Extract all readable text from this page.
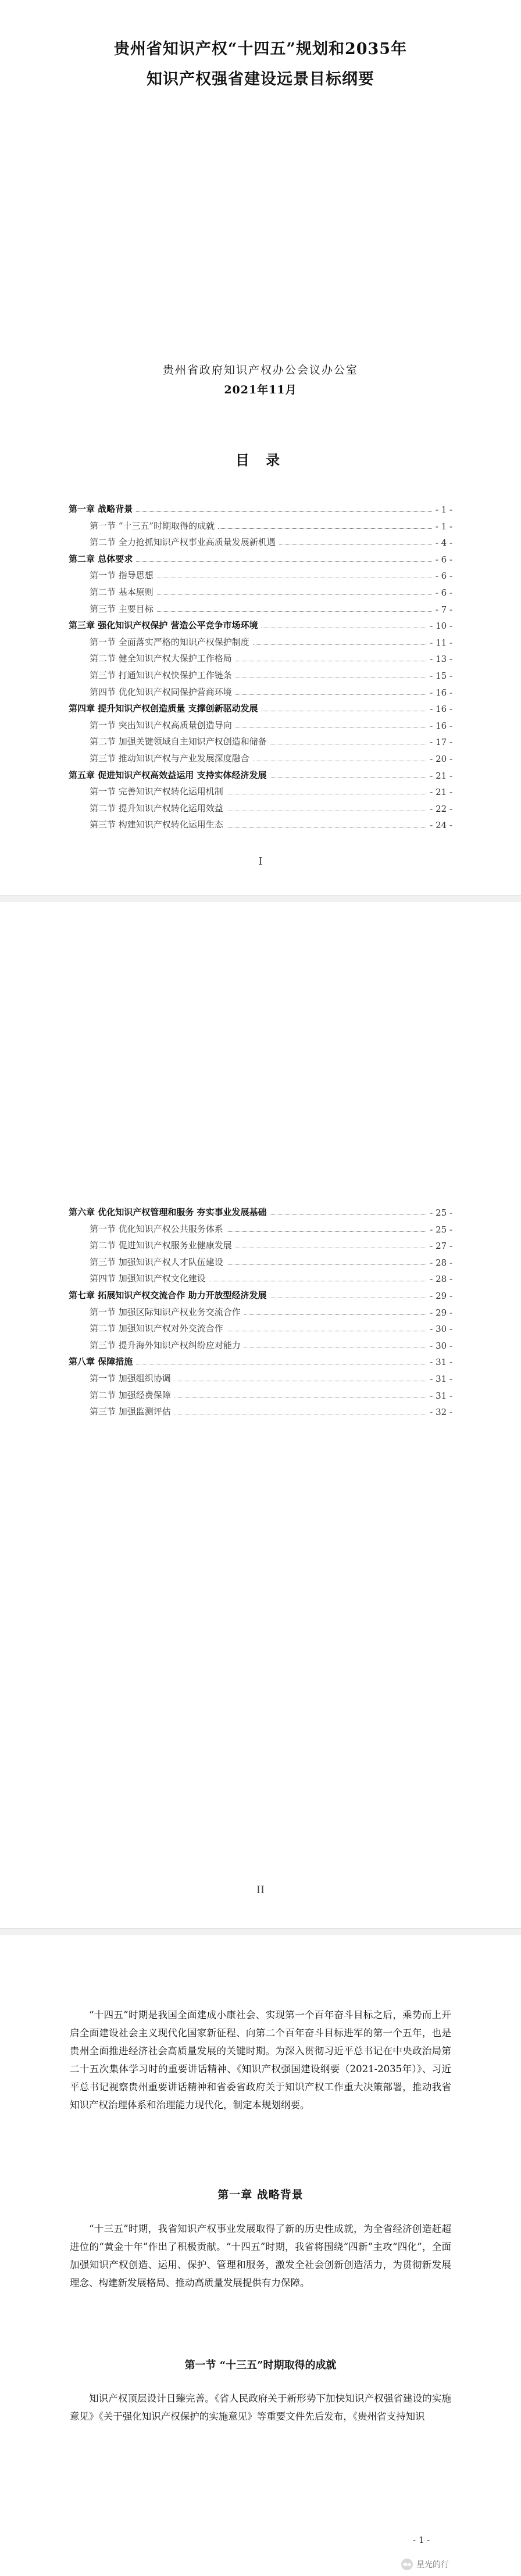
贵州省知识产权“十四五”规划和2035年
知识产权强省建设远景目标纲要
贵州省政府知识产权办公会议办公室
2021年11月
目 录
第一章 战略背景	- 1 -
第一节 “十三五”时期取得的成就	- 1 -
第二节 全力抢抓知识产权事业高质量发展新机遇	- 4 -
第二章 总体要求	- 6 -
第一节 指导思想	- 6 -
第二节 基本原则	- 6 -
第三节 主要目标	- 7 -
第三章 强化知识产权保护 营造公平竞争市场环境	- 10 -
第一节 全面落实严格的知识产权保护制度	- 11 -
第二节 健全知识产权大保护工作格局	- 13 -
第三节 打通知识产权快保护工作链条	- 15 -
第四节 优化知识产权同保护营商环境	- 16 -
第四章 提升知识产权创造质量 支撑创新驱动发展	- 16 -
第一节 突出知识产权高质量创造导向	- 16 -
第二节 加强关键领域自主知识产权创造和储备	- 17 -
第三节 推动知识产权与产业发展深度融合	- 20 -
第五章 促进知识产权高效益运用 支持实体经济发展	- 21 -
第一节 完善知识产权转化运用机制	- 21 -
第二节 提升知识产权转化运用效益	- 22 -
第三节 构建知识产权转化运用生态	- 24 -
I
第六章 优化知识产权管理和服务 夯实事业发展基础	- 25 -
第一节 优化知识产权公共服务体系	- 25 -
第二节 促进知识产权服务业健康发展	- 27 -
第三节 加强知识产权人才队伍建设	- 28 -
第四节 加强知识产权文化建设	- 28 -
第七章 拓展知识产权交流合作 助力开放型经济发展	- 29 -
第一节 加强区际知识产权业务交流合作	- 29 -
第二节 加强知识产权对外交流合作	- 30 -
第三节 提升海外知识产权纠纷应对能力	- 30 -
第八章 保障措施	- 31 -
第一节 加强组织协调	- 31 -
第二节 加强经费保障	- 31 -
第三节 加强监测评估	- 32 -
II
“十四五”时期是我国全面建成小康社会、实现第一个百年奋斗目标之后，乘势而上开启全面建设社会主义现代化国家新征程、向第二个百年奋斗目标进军的第一个五年，也是贵州全面推进经济社会高质量发展的关键时期。为深入贯彻习近平总书记在中央政治局第二十五次集体学习时的重要讲话精神、《知识产权强国建设纲要（2021-2035年）》、习近平总书记视察贵州重要讲话精神和省委省政府关于知识产权工作重大决策部署，推动我省知识产权治理体系和治理能力现代化，制定本规划纲要。
第一章 战略背景
“十三五”时期，我省知识产权事业发展取得了新的历史性成就，为全省经济创造赶超进位的“黄金十年”作出了积极贡献。“十四五”时期，我省将围绕“四新”主攻“四化”，全面加强知识产权创造、运用、保护、管理和服务，激发全社会创新创造活力，为贯彻新发展理念、构建新发展格局、推动高质量发展提供有力保障。
第一节 “十三五”时期取得的成就
知识产权顶层设计日臻完善。《省人民政府关于新形势下加快知识产权强省建设的实施意见》《关于强化知识产权保护的实施意见》等重要文件先后发布，《贵州省支持知识
- 1 -
星光的行
